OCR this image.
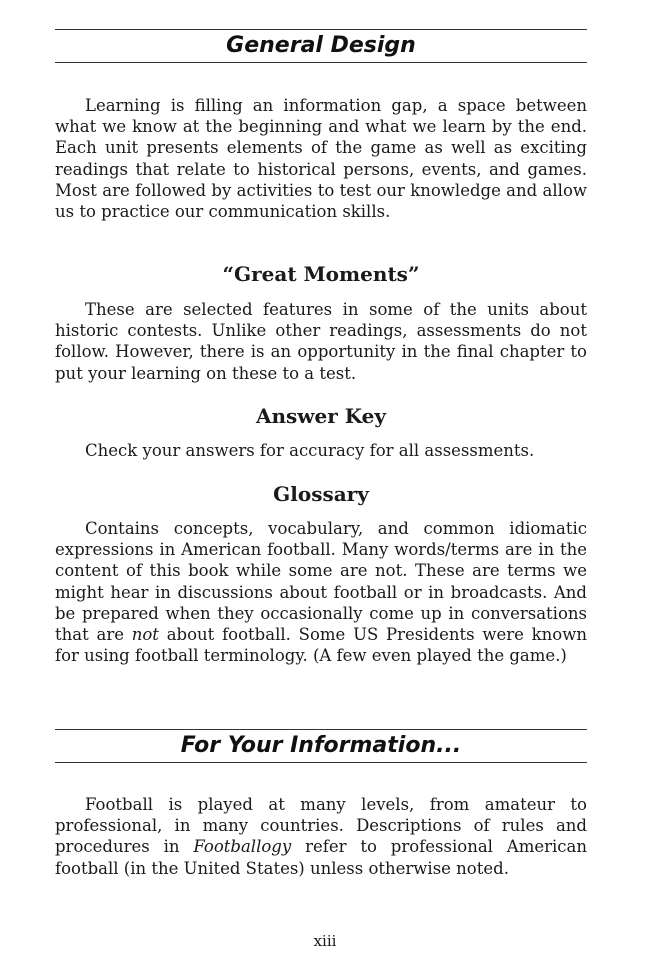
General Design

Learning is filling an information gap, a space between what we know at the beginning and what we learn by the end. Each unit presents elements of the game as well as exciting readings that relate to historical persons, events, and games. Most are followed by activities to test our knowledge and allow us to practice our communication skills.

“Great Moments”

These are selected features in some of the units about historic contests. Unlike other readings, assessments do not follow. However, there is an opportunity in the final chapter to put your learning on these to a test.

Answer Key

Check your answers for accuracy for all assessments.

Glossary

Contains concepts, vocabulary, and common idiomatic expressions in American football. Many words/terms are in the content of this book while some are not. These are terms we might hear in discussions about football or in broadcasts. And be prepared when they occasionally come up in conversations that are not about football. Some US Presidents were known for using football terminology. (A few even played the game.)

For Your Information...

Football is played at many levels, from amateur to professional, in many countries. Descriptions of rules and procedures in Footballogy refer to professional American football (in the United States) unless otherwise noted.

xiii
